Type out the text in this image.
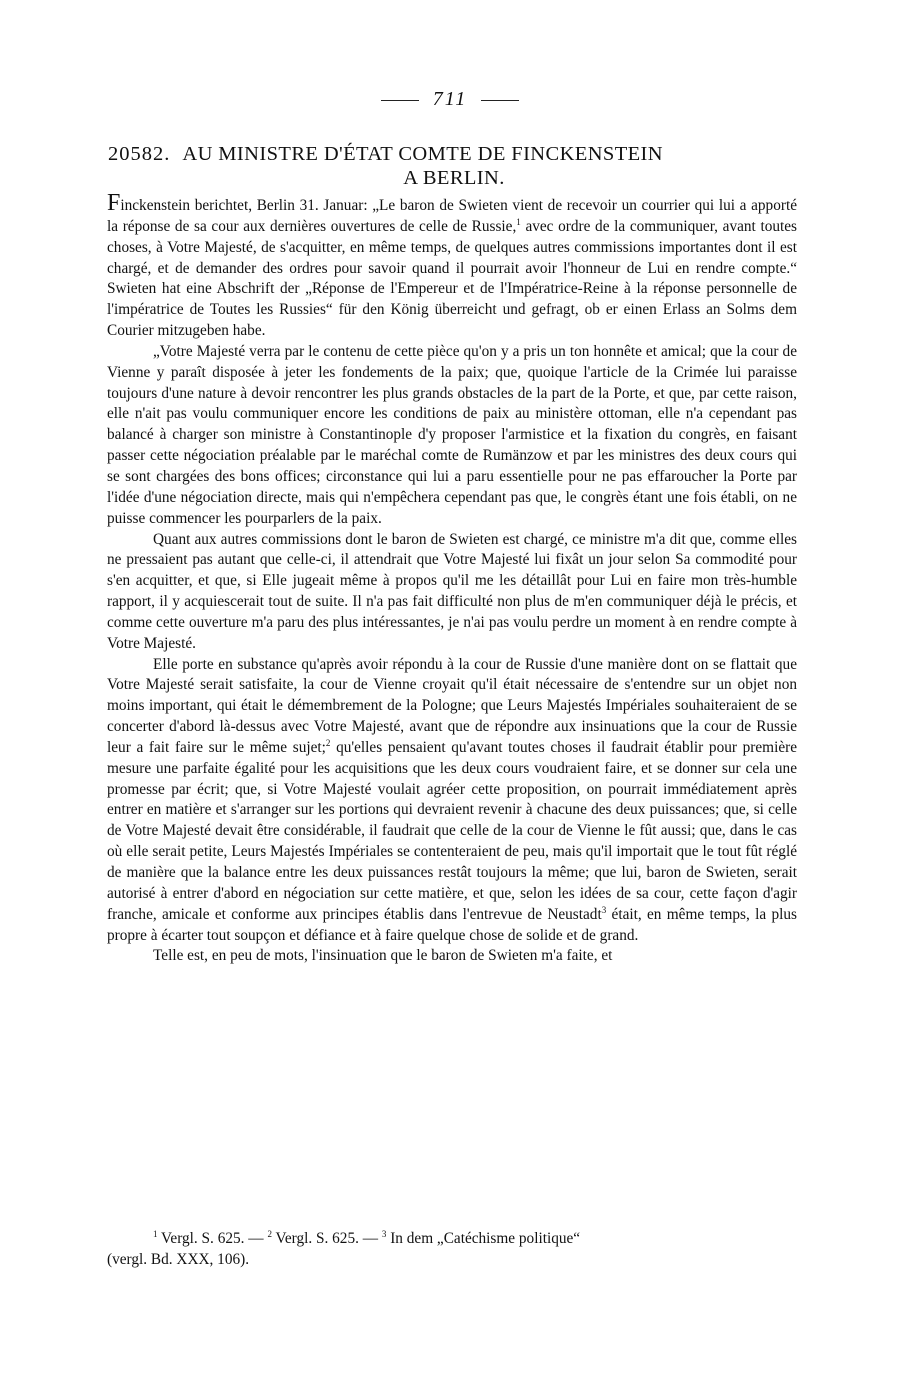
711
20582. AU MINISTRE D'ÉTAT COMTE DE FINCKENSTEIN
A BERLIN.

Finckenstein berichtet, Berlin 31. Januar: „Le baron de Swieten vient de recevoir un courrier qui lui a apporté la réponse de sa cour aux dernières ouvertures de celle de Russie,$^1$ avec ordre de la communiquer, avant toutes choses, à Votre Majesté, de s'acquitter, en même temps, de quelques autres commissions importantes dont il est chargé, et de demander des ordres pour savoir quand il pourrait avoir l'honneur de Lui en rendre compte.“ Swieten hat eine Abschrift der „Réponse de l'Empereur et de l'Impératrice-Reine à la réponse personnelle de l'impératrice de Toutes les Russies“ für den König überreicht und gefragt, ob er einen Erlass an Solms dem Courier mitzugeben habe.

„Votre Majesté verra par le contenu de cette pièce qu'on y a pris un ton honnête et amical; que la cour de Vienne y paraît disposée à jeter les fondements de la paix; que, quoique l'article de la Crimée lui paraisse toujours d'une nature à devoir rencontrer les plus grands obstacles de la part de la Porte, et que, par cette raison, elle n'ait pas voulu communiquer encore les conditions de paix au ministère ottoman, elle n'a cependant pas balancé à charger son ministre à Constantinople d'y proposer l'armistice et la fixation du congrès, en faisant passer cette négociation préalable par le maréchal comte de Rumänzow et par les ministres des deux cours qui se sont chargées des bons offices; circonstance qui lui a paru essentielle pour ne pas effaroucher la Porte par l'idée d'une négociation directe, mais qui n'empêchera cependant pas que, le congrès étant une fois établi, on ne puisse commencer les pourparlers de la paix.

Quant aux autres commissions dont le baron de Swieten est chargé, ce ministre m'a dit que, comme elles ne pressaient pas autant que celle-ci, il attendrait que Votre Majesté lui fixât un jour selon Sa commodité pour s'en acquitter, et que, si Elle jugeait même à propos qu'il me les détaillât pour Lui en faire mon très-humble rapport, il y acquiescerait tout de suite. Il n'a pas fait difficulté non plus de m'en communiquer déjà le précis, et comme cette ouverture m'a paru des plus intéressantes, je n'ai pas voulu perdre un moment à en rendre compte à Votre Majesté.

Elle porte en substance qu'après avoir répondu à la cour de Russie d'une manière dont on se flattait que Votre Majesté serait satisfaite, la cour de Vienne croyait qu'il était nécessaire de s'entendre sur un objet non moins important, qui était le démembrement de la Pologne; que Leurs Majestés Impériales souhaiteraient de se concerter d'abord là-dessus avec Votre Majesté, avant que de répondre aux insinuations que la cour de Russie leur a fait faire sur le même sujet;$^2$ qu'elles pensaient qu'avant toutes choses il faudrait établir pour première mesure une parfaite égalité pour les acquisitions que les deux cours voudraient faire, et se donner sur cela une promesse par écrit; que, si Votre Majesté voulait agréer cette proposition, on pourrait immédiatement après entrer en matière et s'arranger sur les portions qui devraient revenir à chacune des deux puissances; que, si celle de Votre Majesté devait être considérable, il faudrait que celle de la cour de Vienne le fût aussi; que, dans le cas où elle serait petite, Leurs Majestés Impériales se contenteraient de peu, mais qu'il importait que le tout fût réglé de manière que la balance entre les deux puissances restât toujours la même; que lui, baron de Swieten, serait autorisé à entrer d'abord en négociation sur cette matière, et que, selon les idées de sa cour, cette façon d'agir franche, amicale et conforme aux principes établis dans l'entrevue de Neustadt$^3$ était, en même temps, la plus propre à écarter tout soupçon et défiance et à faire quelque chose de solide et de grand.

Telle est, en peu de mots, l'insinuation que le baron de Swieten m'a faite, et

$^1$ Vergl. S. 625. — $^2$ Vergl. S. 625. — $^3$ In dem „Catéchisme politique“
(vergl. Bd. XXX, 106).
